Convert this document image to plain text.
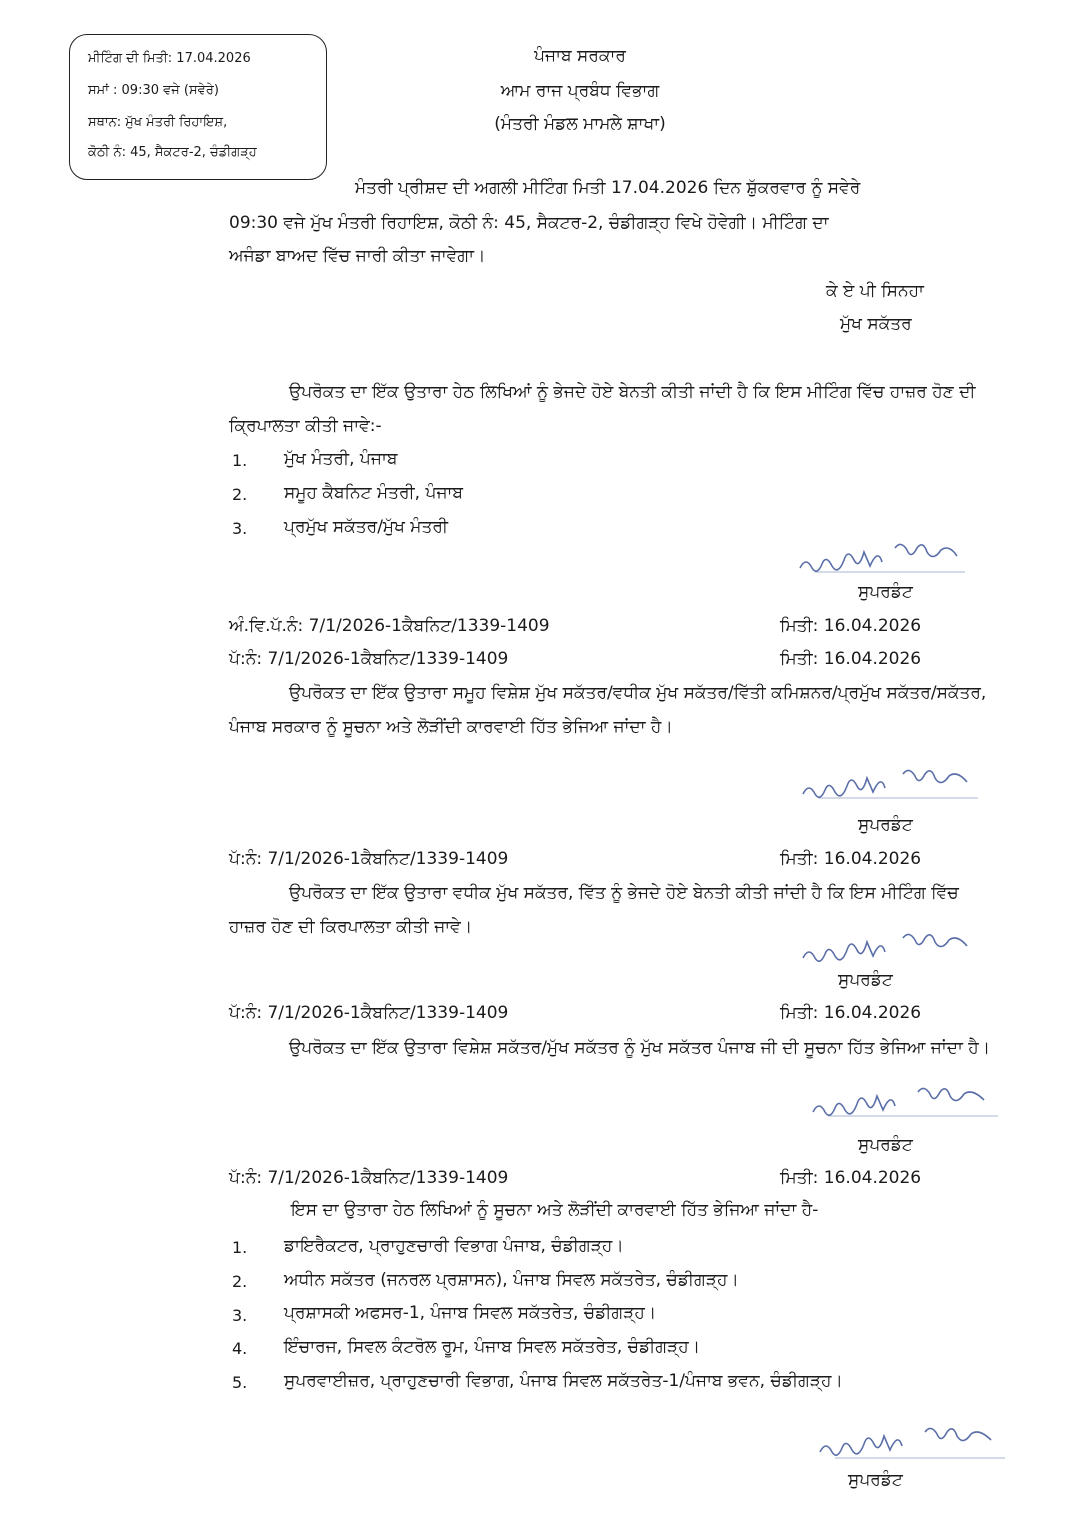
ਮੀਟਿੰਗ ਦੀ ਮਿਤੀ: 17.04.2026
ਸਮਾਂ : 09:30 ਵਜੇ (ਸਵੇਰੇ)
ਸਥਾਨ: ਮੁੱਖ ਮੰਤਰੀ ਰਿਹਾਇਸ਼,
ਕੋਠੀ ਨੰ: 45, ਸੈਕਟਰ-2, ਚੰਡੀਗੜ੍ਹ
ਪੰਜਾਬ ਸਰਕਾਰ
ਆਮ ਰਾਜ ਪ੍ਰਬੰਧ ਵਿਭਾਗ
(ਮੰਤਰੀ ਮੰਡਲ ਮਾਮਲੇ ਸ਼ਾਖਾ)
ਮੰਤਰੀ ਪ੍ਰੀਸ਼ਦ ਦੀ ਅਗਲੀ ਮੀਟਿੰਗ ਮਿਤੀ 17.04.2026 ਦਿਨ ਸ਼ੁੱਕਰਵਾਰ ਨੂੰ ਸਵੇਰੇ
09:30 ਵਜੇ ਮੁੱਖ ਮੰਤਰੀ ਰਿਹਾਇਸ਼, ਕੋਠੀ ਨੰ: 45, ਸੈਕਟਰ-2, ਚੰਡੀਗੜ੍ਹ ਵਿਖੇ ਹੋਵੇਗੀ। ਮੀਟਿੰਗ ਦਾ
ਅਜੰਡਾ ਬਾਅਦ ਵਿੱਚ ਜਾਰੀ ਕੀਤਾ ਜਾਵੇਗਾ।
ਕੇ ਏ ਪੀ ਸਿਨਹਾ
ਮੁੱਖ ਸਕੱਤਰ

ਉਪਰੋਕਤ ਦਾ ਇੱਕ ਉਤਾਰਾ ਹੇਠ ਲਿਖਿਆਂ ਨੂੰ ਭੇਜਦੇ ਹੋਏ ਬੇਨਤੀ ਕੀਤੀ ਜਾਂਦੀ ਹੈ ਕਿ ਇਸ ਮੀਟਿੰਗ ਵਿੱਚ ਹਾਜ਼ਰ ਹੋਣ ਦੀ ਕ੍ਰਿਪਾਲਤਾ ਕੀਤੀ ਜਾਵੇ:-

1. ਮੁੱਖ ਮੰਤਰੀ, ਪੰਜਾਬ
2. ਸਮੂਹ ਕੈਬਨਿਟ ਮੰਤਰੀ, ਪੰਜਾਬ
3. ਪ੍ਰਮੁੱਖ ਸਕੱਤਰ/ਮੁੱਖ ਮੰਤਰੀ
ਸੁਪਰਡੰਟ
ਅੰ.ਵਿ.ਪੱ.ਨੰ: 7/1/2026-1ਕੈਬਨਿਟ/1339-1409	ਮਿਤੀ: 16.04.2026
ਪੱ:ਨੰ: 7/1/2026-1ਕੈਬਨਿਟ/1339-1409	ਮਿਤੀ: 16.04.2026

ਉਪਰੋਕਤ ਦਾ ਇੱਕ ਉਤਾਰਾ ਸਮੂਹ ਵਿਸ਼ੇਸ਼ ਮੁੱਖ ਸਕੱਤਰ/ਵਧੀਕ ਮੁੱਖ ਸਕੱਤਰ/ਵਿੱਤੀ ਕਮਿਸ਼ਨਰ/ਪ੍ਰਮੁੱਖ ਸਕੱਤਰ/ਸਕੱਤਰ, ਪੰਜਾਬ ਸਰਕਾਰ ਨੂੰ ਸੂਚਨਾ ਅਤੇ ਲੋੜੀਂਦੀ ਕਾਰਵਾਈ ਹਿੱਤ ਭੇਜਿਆ ਜਾਂਦਾ ਹੈ।

ਸੁਪਰਡੰਟ
ਪੱ:ਨੰ: 7/1/2026-1ਕੈਬਨਿਟ/1339-1409	ਮਿਤੀ: 16.04.2026

ਉਪਰੋਕਤ ਦਾ ਇੱਕ ਉਤਾਰਾ ਵਧੀਕ ਮੁੱਖ ਸਕੱਤਰ, ਵਿੱਤ ਨੂੰ ਭੇਜਦੇ ਹੋਏ ਬੇਨਤੀ ਕੀਤੀ ਜਾਂਦੀ ਹੈ ਕਿ ਇਸ ਮੀਟਿੰਗ ਵਿੱਚ ਹਾਜ਼ਰ ਹੋਣ ਦੀ ਕਿਰਪਾਲਤਾ ਕੀਤੀ ਜਾਵੇ।

ਸੁਪਰਡੰਟ
ਪੱ:ਨੰ: 7/1/2026-1ਕੈਬਨਿਟ/1339-1409	ਮਿਤੀ: 16.04.2026

ਉਪਰੋਕਤ ਦਾ ਇੱਕ ਉਤਾਰਾ ਵਿਸ਼ੇਸ਼ ਸਕੱਤਰ/ਮੁੱਖ ਸਕੱਤਰ ਨੂੰ ਮੁੱਖ ਸਕੱਤਰ ਪੰਜਾਬ ਜੀ ਦੀ ਸੂਚਨਾ ਹਿੱਤ ਭੇਜਿਆ ਜਾਂਦਾ ਹੈ।

ਸੁਪਰਡੰਟ
ਪੱ:ਨੰ: 7/1/2026-1ਕੈਬਨਿਟ/1339-1409	ਮਿਤੀ: 16.04.2026
ਇਸ ਦਾ ਉਤਾਰਾ ਹੇਠ ਲਿਖਿਆਂ ਨੂੰ ਸੂਚਨਾ ਅਤੇ ਲੋੜੀਂਦੀ ਕਾਰਵਾਈ ਹਿੱਤ ਭੇਜਿਆ ਜਾਂਦਾ ਹੈ-
1. ਡਾਇਰੈਕਟਰ, ਪ੍ਰਾਹੁਣਚਾਰੀ ਵਿਭਾਗ ਪੰਜਾਬ, ਚੰਡੀਗੜ੍ਹ।
2. ਅਧੀਨ ਸਕੱਤਰ (ਜਨਰਲ ਪ੍ਰਸ਼ਾਸਨ), ਪੰਜਾਬ ਸਿਵਲ ਸਕੱਤਰੇਤ, ਚੰਡੀਗੜ੍ਹ।
3. ਪ੍ਰਸ਼ਾਸਕੀ ਅਫਸਰ-1, ਪੰਜਾਬ ਸਿਵਲ ਸਕੱਤਰੇਤ, ਚੰਡੀਗੜ੍ਹ।
4. ਇੰਚਾਰਜ, ਸਿਵਲ ਕੰਟਰੋਲ ਰੂਮ, ਪੰਜਾਬ ਸਿਵਲ ਸਕੱਤਰੇਤ, ਚੰਡੀਗੜ੍ਹ।
5. ਸੁਪਰਵਾਈਜ਼ਰ, ਪ੍ਰਾਹੁਣਚਾਰੀ ਵਿਭਾਗ, ਪੰਜਾਬ ਸਿਵਲ ਸਕੱਤਰੇਤ-1/ਪੰਜਾਬ ਭਵਨ, ਚੰਡੀਗੜ੍ਹ।
ਸੁਪਰਡੰਟ
